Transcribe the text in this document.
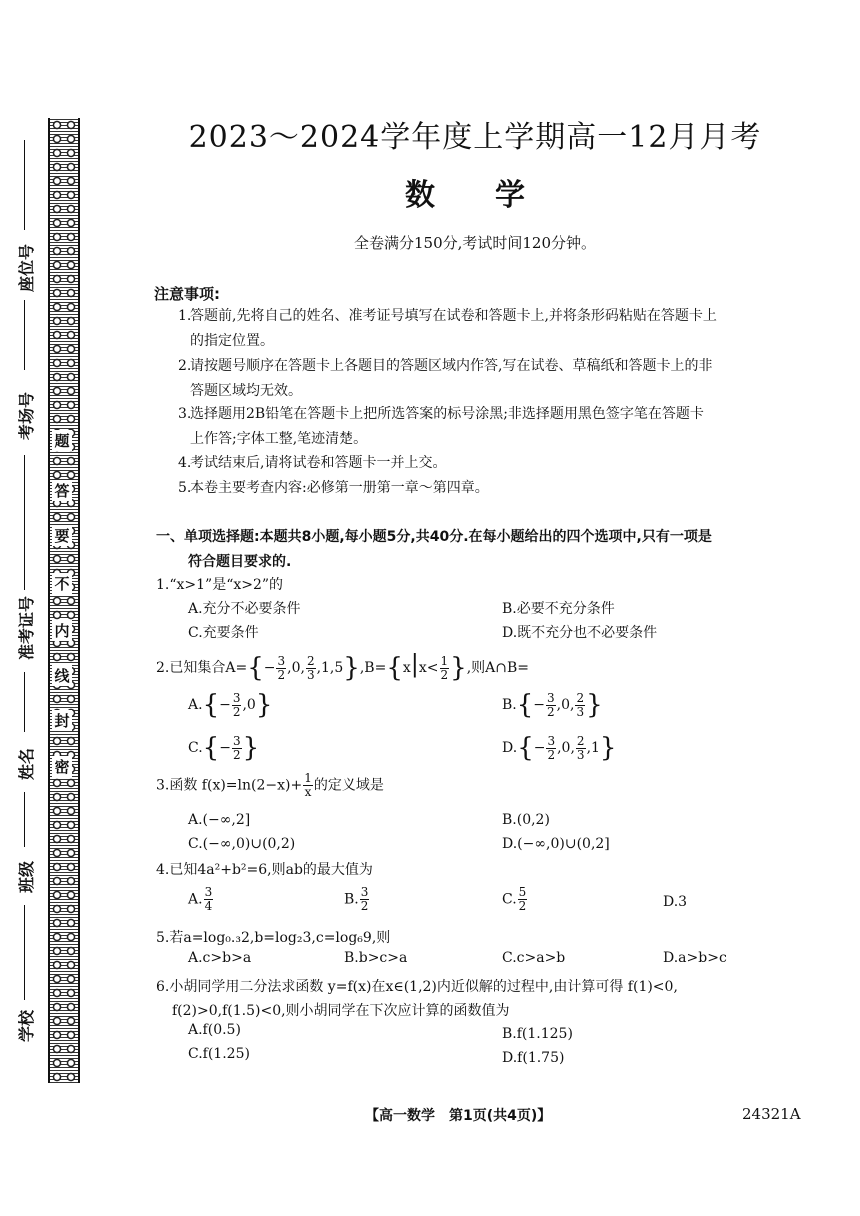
题
答
要
不
内
线
封
密
座位号
考场号
准考证号
姓名
班级
学校
2023～2024学年度上学期高一12月月考
数学
全卷满分150分,考试时间120分钟。
注意事项:
1.
答题前,先将自己的姓名、准考证号填写在试卷和答题卡上,并将条形码粘贴在答题卡上
的指定位置。
2.
请按题号顺序在答题卡上各题目的答题区域内作答,写在试卷、草稿纸和答题卡上的非
答题区域均无效。
3.
选择题用2B铅笔在答题卡上把所选答案的标号涂黑;非选择题用黑色签字笔在答题卡
上作答;字体工整,笔迹清楚。
4.
考试结束后,请将试卷和答题卡一并上交。
5.
本卷主要考查内容:必修第一册第一章～第四章。
一、单项选择题:本题共8小题,每小题5分,共40分.在每小题给出的四个选项中,只有一项是
符合题目要求的.
1.“x>1”是“x>2”的
A.充分不必要条件	B.必要不充分条件
C.充要条件	D.既不充分也不必要条件
2.已知集合$A=\{- \frac{3}{2} ,0$, $\frac{2}{3} ,1,5\},B=\{x|x< \frac{1}{2}$ },则A∩B=
$A.\{- \frac{3}{2} ,0\}$	$B.\{- \frac{3}{2} ,0$, $\frac{2}{3}$ }
$C.\{- \frac{3}{2}$ }	$D.\{- \frac{3}{2} ,0$, $\frac{2}{3} ,1$}
3.函数 $f(x)=\ln(2-x)+ \frac{1}{x}$ 的定义域是
A.(−∞,2]	B.(0,2)
C.(−∞,0)∪(0,2)	D.(−∞,0)∪(0,2]
4.已知4a²+b²=6,则ab的最大值为
A. $\frac{3}{4}$	B. $\frac{3}{2}$	C. $\frac{5}{2}$	D.3
5.若a=log₀.₃2,b=log₂3,c=log₆9,则
A.c>b>a	B.b>c>a	C.c>a>b	D.a>b>c
6.小胡同学用二分法求函数 y=f(x)在x∈(1,2)内近似解的过程中,由计算可得 f(1)<0,
f(2)>0,f(1.5)<0,则小胡同学在下次应计算的函数值为
A.f(0.5)	B.f(1.125)
C.f(1.25)	D.f(1.75)
【高一数学　第1页(共4页)】	24321A
